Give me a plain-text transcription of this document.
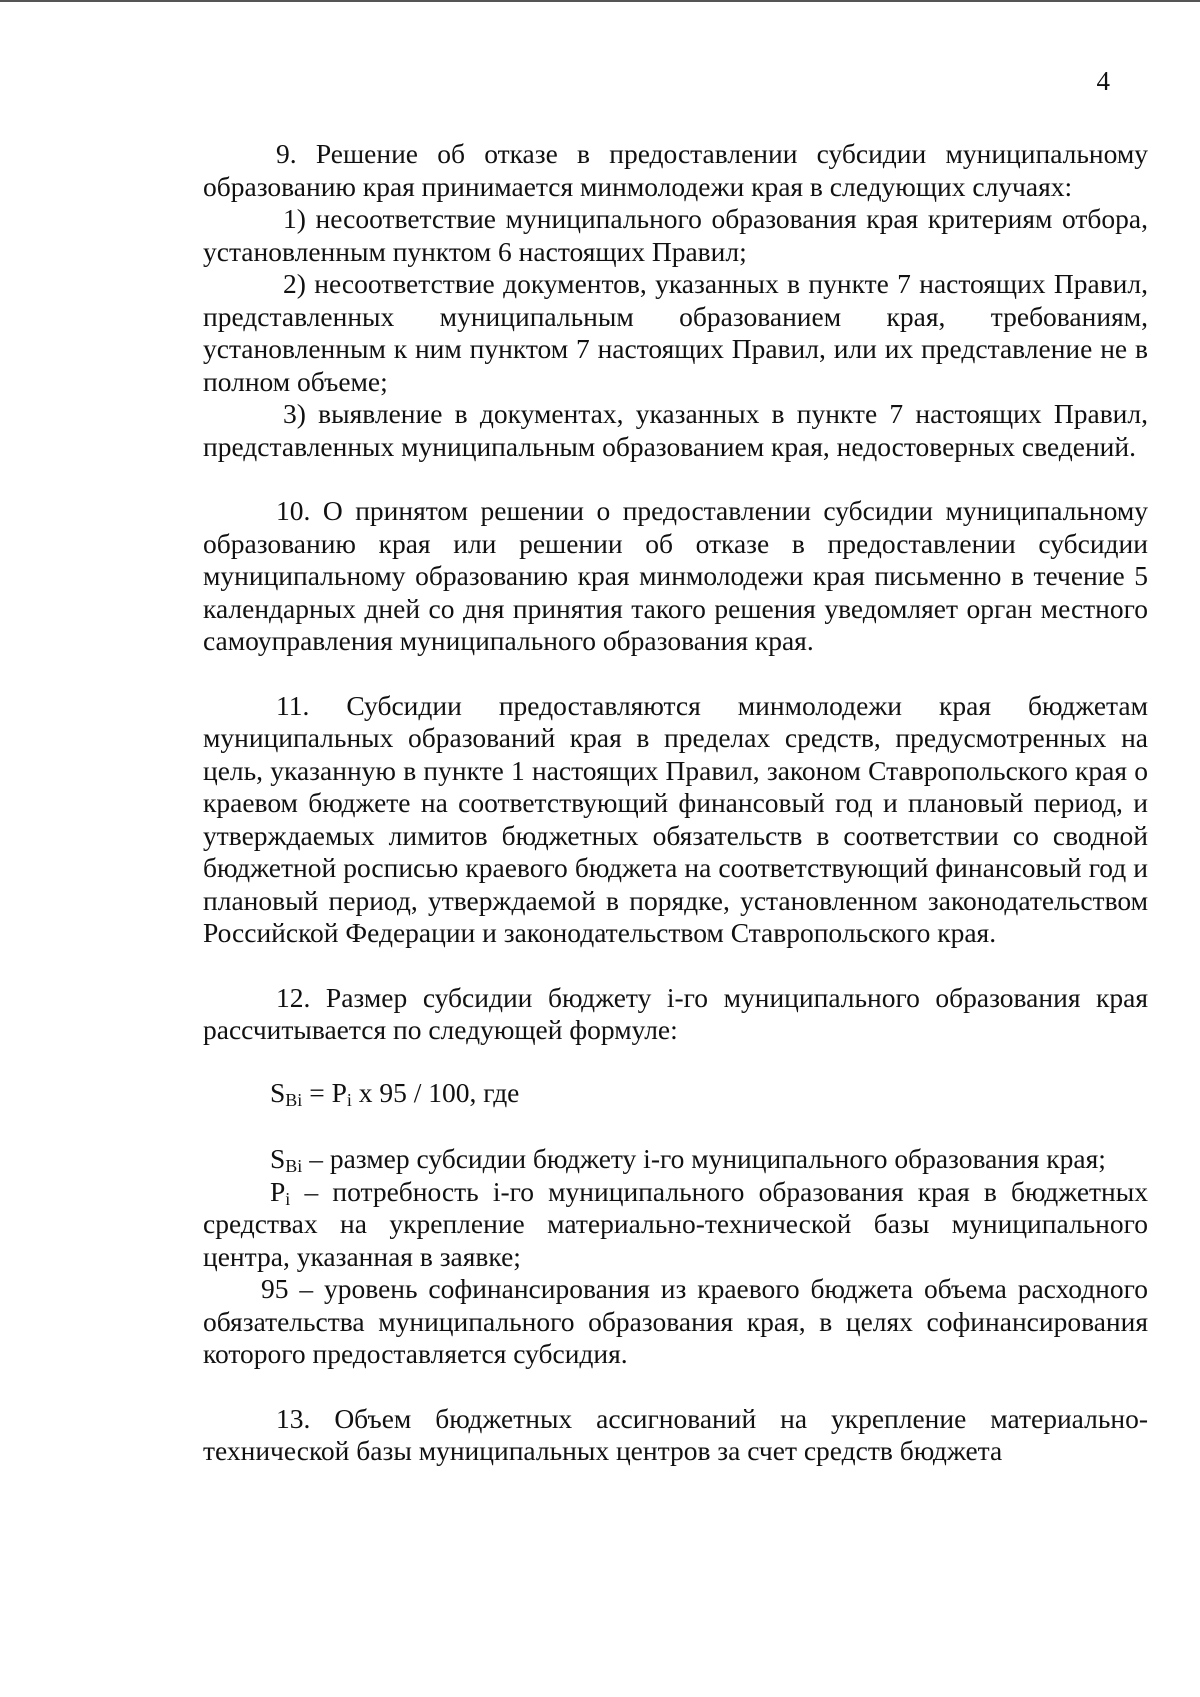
4

9. Решение об отказе в предоставлении субсидии муниципальному образованию края принимается минмолодежи края в следующих случаях:

1) несоответствие муниципального образования края критериям отбора, установленным пунктом 6 настоящих Правил;

2) несоответствие документов, указанных в пункте 7 настоящих Правил, представленных муниципальным образованием края, требованиям, установленным к ним пунктом 7 настоящих Правил, или их представление не в полном объеме;

3) выявление в документах, указанных в пункте 7 настоящих Правил, представленных муниципальным образованием края, недостоверных сведений.

10. О принятом решении о предоставлении субсидии муниципальному образованию края или решении об отказе в предоставлении субсидии муниципальному образованию края минмолодежи края письменно в течение 5 календарных дней со дня принятия такого решения уведомляет орган местного самоуправления муниципального образования края.

11. Субсидии предоставляются минмолодежи края бюджетам муниципальных образований края в пределах средств, предусмотренных на цель, указанную в пункте 1 настоящих Правил, законом Ставропольского края о краевом бюджете на соответствующий финансовый год и плановый период, и утверждаемых лимитов бюджетных обязательств в соответствии со сводной бюджетной росписью краевого бюджета на соответствующий финансовый год и плановый период, утверждаемой в порядке, установленном законодательством Российской Федерации и законодательством Ставропольского края.

12. Размер субсидии бюджету i-го муниципального образования края рассчитывается по следующей формуле:

$S_{Bi} = P_i$ x 95 / 100, где

$S_{Bi}$ – размер субсидии бюджету i-го муниципального образования края;

$P_i$ – потребность i-го муниципального образования края в бюджетных средствах на укрепление материально-технической базы муниципального центра, указанная в заявке;

95 – уровень софинансирования из краевого бюджета объема расходного обязательства муниципального образования края, в целях софинансирования которого предоставляется субсидия.

13. Объем бюджетных ассигнований на укрепление материально-технической базы муниципальных центров за счет средств бюджета
